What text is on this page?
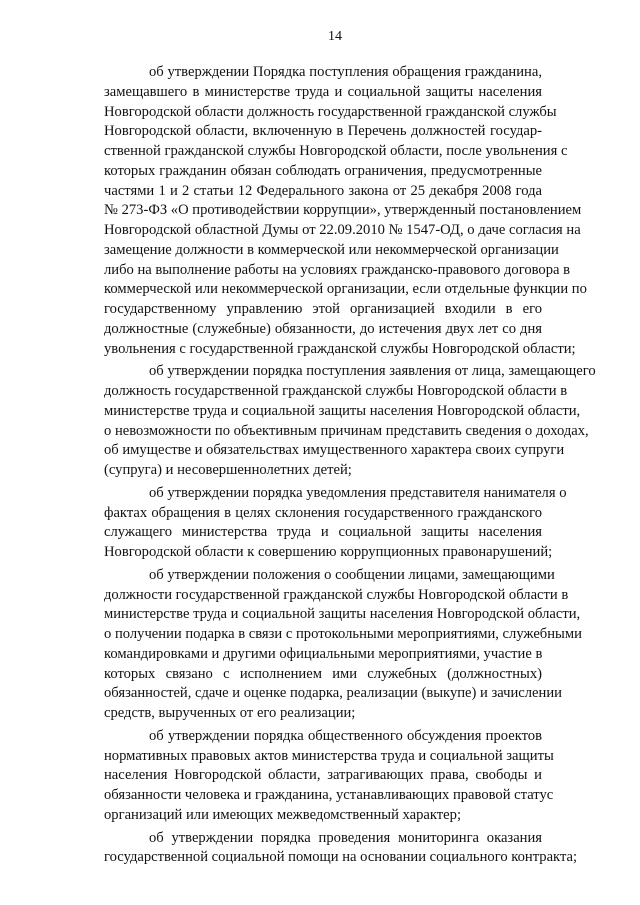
14
об утверждении Порядка поступления обращения гражданина,
замещавшего в министерстве труда и социальной защиты населения
Новгородской области должность государственной гражданской службы
Новгородской области, включенную в Перечень должностей государ-
ственной гражданской службы Новгородской области, после увольнения с
которых гражданин обязан соблюдать ограничения, предусмотренные
частями 1 и 2 статьи 12 Федерального закона от 25 декабря 2008 года
№ 273-ФЗ «О противодействии коррупции», утвержденный постановлением
Новгородской областной Думы от 22.09.2010 № 1547-ОД, о даче согласия на
замещение должности в коммерческой или некоммерческой организации
либо на выполнение работы на условиях гражданско-правового договора в
коммерческой или некоммерческой организации, если отдельные функции по
государственному управлению этой организацией входили в его
должностные (служебные) обязанности, до истечения двух лет со дня
увольнения с государственной гражданской службы Новгородской области;
об утверждении порядка поступления заявления от лица, замещающего
должность государственной гражданской службы Новгородской области в
министерстве труда и социальной защиты населения Новгородской области,
о невозможности по объективным причинам представить сведения о доходах,
об имуществе и обязательствах имущественного характера своих супруги
(супруга) и несовершеннолетних детей;
об утверждении порядка уведомления представителя нанимателя о
фактах обращения в целях склонения государственного гражданского
служащего министерства труда и социальной защиты населения
Новгородской области к совершению коррупционных правонарушений;
об утверждении положения о сообщении лицами, замещающими
должности государственной гражданской службы Новгородской области в
министерстве труда и социальной защиты населения Новгородской области,
о получении подарка в связи с протокольными мероприятиями, служебными
командировками и другими официальными мероприятиями, участие в
которых связано с исполнением ими служебных (должностных)
обязанностей, сдаче и оценке подарка, реализации (выкупе) и зачислении
средств, вырученных от его реализации;
об утверждении порядка общественного обсуждения проектов
нормативных правовых актов министерства труда и социальной защиты
населения Новгородской области, затрагивающих права, свободы и
обязанности человека и гражданина, устанавливающих правовой статус
организаций или имеющих межведомственный характер;
об утверждении порядка проведения мониторинга оказания
государственной социальной помощи на основании социального контракта;
